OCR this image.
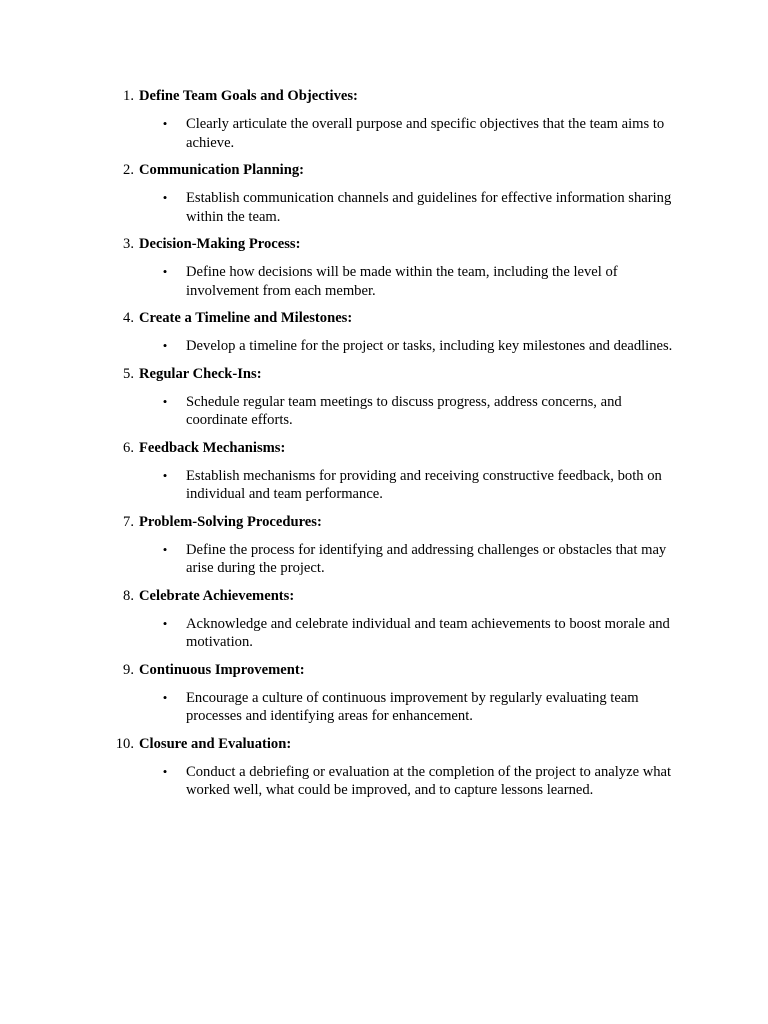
1. Define Team Goals and Objectives:
• Clearly articulate the overall purpose and specific objectives that the team aims to achieve.
2. Communication Planning:
• Establish communication channels and guidelines for effective information sharing within the team.
3. Decision-Making Process:
• Define how decisions will be made within the team, including the level of involvement from each member.
4. Create a Timeline and Milestones:
• Develop a timeline for the project or tasks, including key milestones and deadlines.
5. Regular Check-Ins:
• Schedule regular team meetings to discuss progress, address concerns, and coordinate efforts.
6. Feedback Mechanisms:
• Establish mechanisms for providing and receiving constructive feedback, both on individual and team performance.
7. Problem-Solving Procedures:
• Define the process for identifying and addressing challenges or obstacles that may arise during the project.
8. Celebrate Achievements:
• Acknowledge and celebrate individual and team achievements to boost morale and motivation.
9. Continuous Improvement:
• Encourage a culture of continuous improvement by regularly evaluating team processes and identifying areas for enhancement.
10. Closure and Evaluation:
• Conduct a debriefing or evaluation at the completion of the project to analyze what worked well, what could be improved, and to capture lessons learned.
